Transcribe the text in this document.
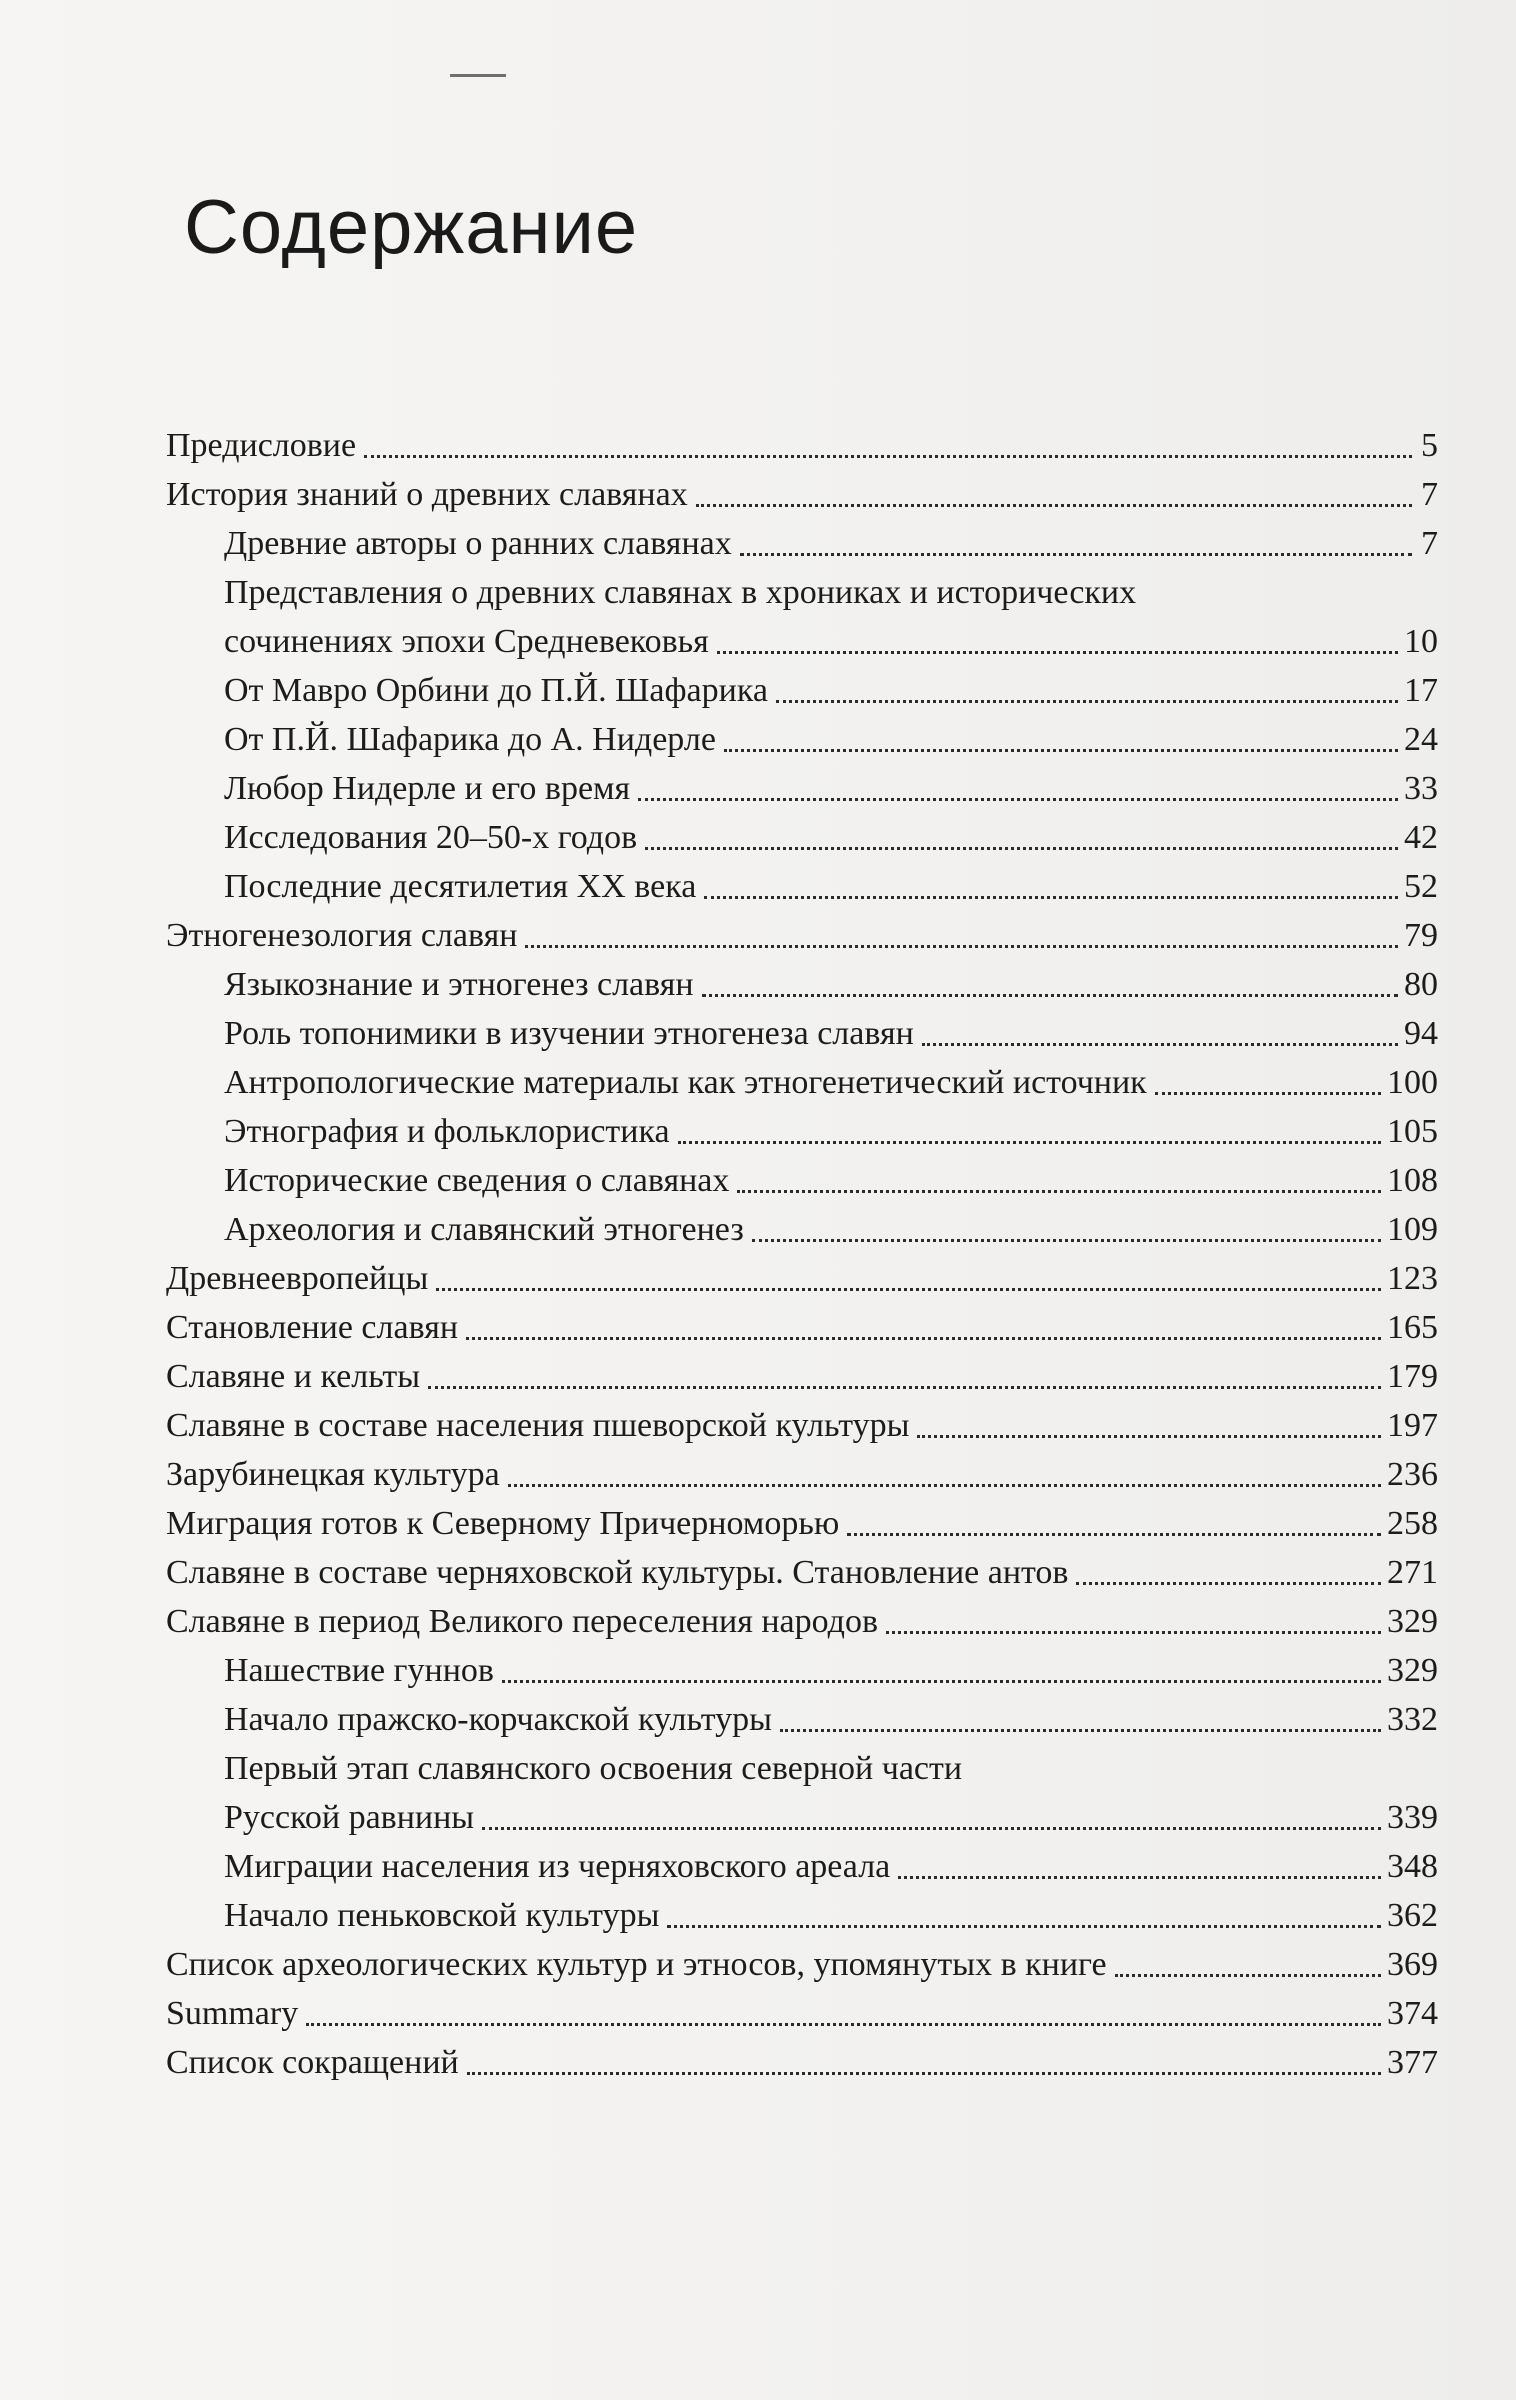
Содержание
Предисловие	5
История знаний о древних славянах	7
Древние авторы о ранних славянах	7
Представления о древних славянах в хрониках и исторических
сочинениях эпохи Средневековья	10
От Мавро Орбини до П.Й. Шафарика	17
От П.Й. Шафарика до А. Нидерле	24
Любор Нидерле и его время	33
Исследования 20–50-х годов	42
Последние десятилетия XX века	52
Этногенезология славян	79
Языкознание и этногенез славян	80
Роль топонимики в изучении этногенеза славян	94
Антропологические материалы как этногенетический источник	100
Этнография и фольклористика	105
Исторические сведения о славянах	108
Археология и славянский этногенез	109
Древнеевропейцы	123
Становление славян	165
Славяне и кельты	179
Славяне в составе населения пшеворской культуры	197
Зарубинецкая культура	236
Миграция готов к Северному Причерноморью	258
Славяне в составе черняховской культуры. Становление антов	271
Славяне в период Великого переселения народов	329
Нашествие гуннов	329
Начало пражско-корчакской культуры	332
Первый этап славянского освоения северной части
Русской равнины	339
Миграции населения из черняховского ареала	348
Начало пеньковской культуры	362
Список археологических культур и этносов, упомянутых в книге	369
Summary	374
Список сокращений	377
